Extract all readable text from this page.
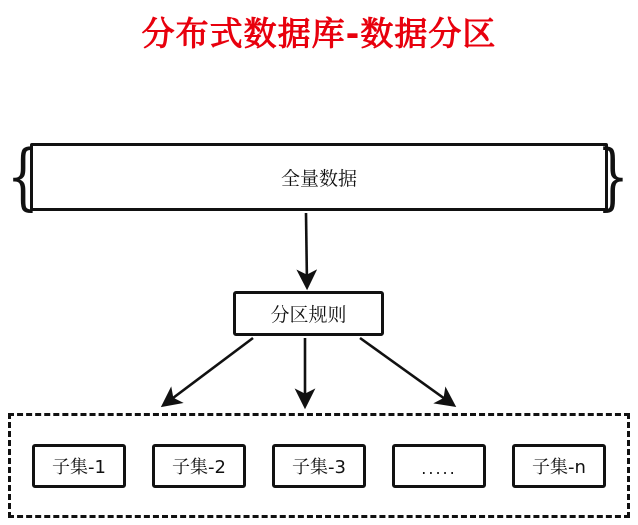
分布式数据库-数据分区
{	}
全量数据
分区规则
子集-1	子集-2	子集-3	.....	子集-n
